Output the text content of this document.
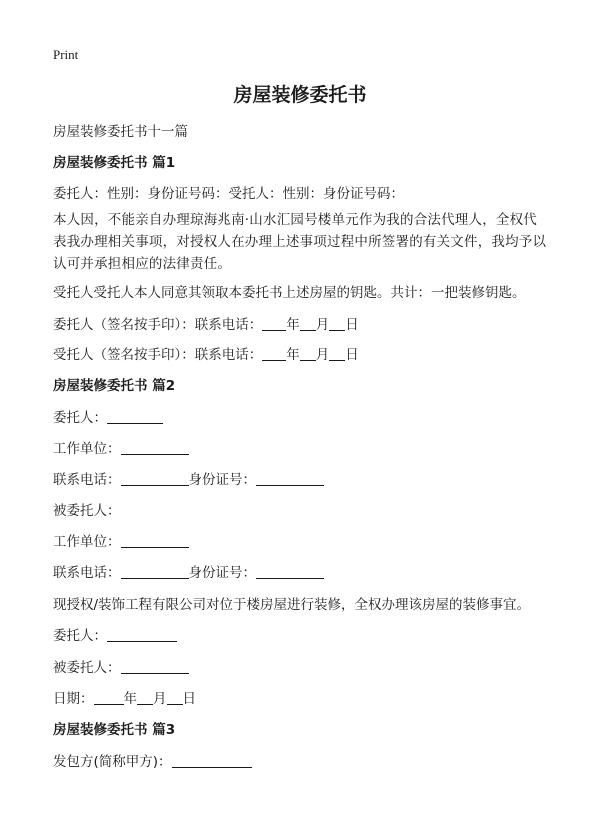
Print
房屋装修委托书
房屋装修委托书十一篇
房屋装修委托书 篇1
委托人：性别：身份证号码：受托人：性别：身份证号码：
本人因，不能亲自办理琼海兆南·山水汇园号楼单元作为我的合法代理人，全权代表我办理相关事项，对授权人在办理上述事项过程中所签署的有关文件，我均予以认可并承担相应的法律责任。
受托人受托人本人同意其领取本委托书上述房屋的钥匙。共计：一把装修钥匙。
委托人（签名按手印）：联系电话： 年 月 日
受托人（签名按手印）：联系电话： 年 月 日
房屋装修委托书 篇2
委托人：
工作单位：
联系电话：	身份证号：
被委托人：
工作单位：
联系电话：	身份证号：
现授权/装饰工程有限公司对位于楼房屋进行装修，全权办理该房屋的装修事宜。
委托人：
被委托人：
日期： 年 月 日
房屋装修委托书 篇3
发包方(简称甲方)：
